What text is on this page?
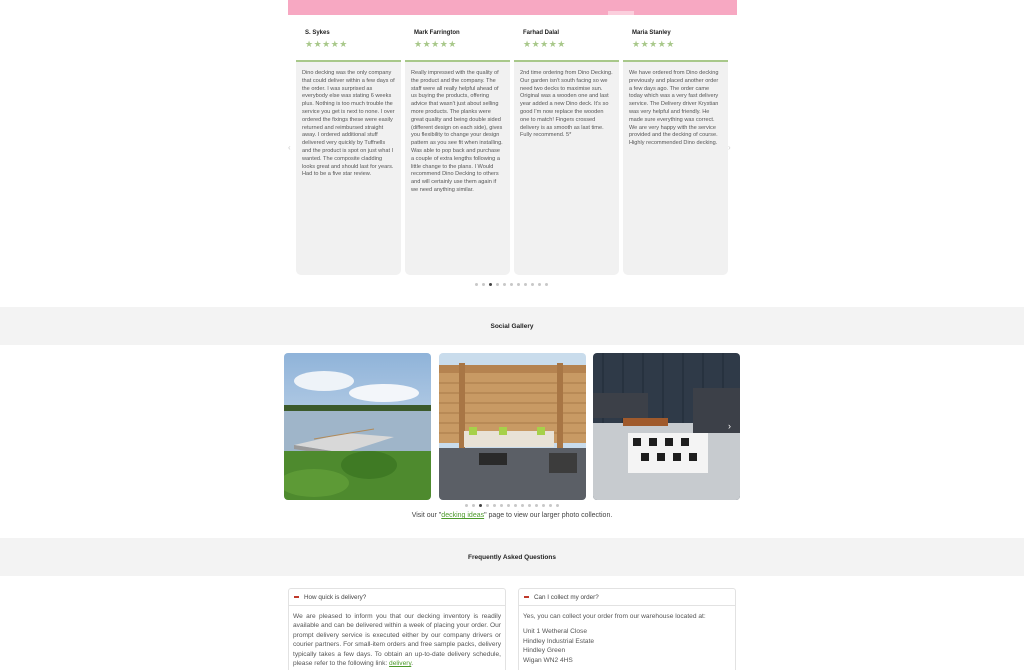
‹	›
S. Sykes
★★★★★
Dino decking was the only company that could deliver within a few days of the order. I was surprised as everybody else was stating 6 weeks plus. Nothing is too much trouble the service you get is next to none. I over ordered the fixings these were easily returned and reimbursed straight away. I ordered additional stuff delivered very quickly by Tuffnells and the product is spot on just what I wanted. The composite cladding looks great and should last for years. Had to be a five star review.
Mark Farrington
★★★★★
Really impressed with the quality of the product and the company. The staff were all really helpful ahead of us buying the products, offering advice that wasn't just about selling more products. The planks were great quality and being double sided (different design on each side), gives you flexibility to change your design pattern as you see fit when installing. Was able to pop back and purchase a couple of extra lengths following a little change to the plans. I Would recommend Dino Decking to others and will certainly use them again if we need anything similar.
Farhad Dalal
★★★★★
2nd time ordering from Dino Decking. Our garden isn't south facing so we need two decks to maximise sun. Original was a wooden one and last year added a new Dino deck. It's so good I'm now replace the wooden one to match! Fingers crossed delivery is as smooth as last time. Fully recommend. 5*
Maria Stanley
★★★★★
We have ordered from Dino decking previously and placed another order a few days ago. The order came today which was a very fast delivery service. The Delivery driver Krystian was very helpful and friendly. He made sure everything was correct. We are very happy with the service provided and the decking of course. Highly recommended Dino decking.
Social Gallery
›
Visit our "decking ideas" page to view our larger photo collection.
Frequently Asked Questions
How quick is delivery?
We are pleased to inform you that our decking inventory is readily available and can be delivered within a week of placing your order. Our prompt delivery service is executed either by our company drivers or courier partners. For small-item orders and free sample packs, delivery typically takes a few days. To obtain an up-to-date delivery schedule, please refer to the following link: delivery.
Can I collect my order?
Yes, you can collect your order from our warehouse located at:
Unit 1 Wetheral Close
Hindley Industrial Estate
Hindley Green
Wigan WN2 4HS
